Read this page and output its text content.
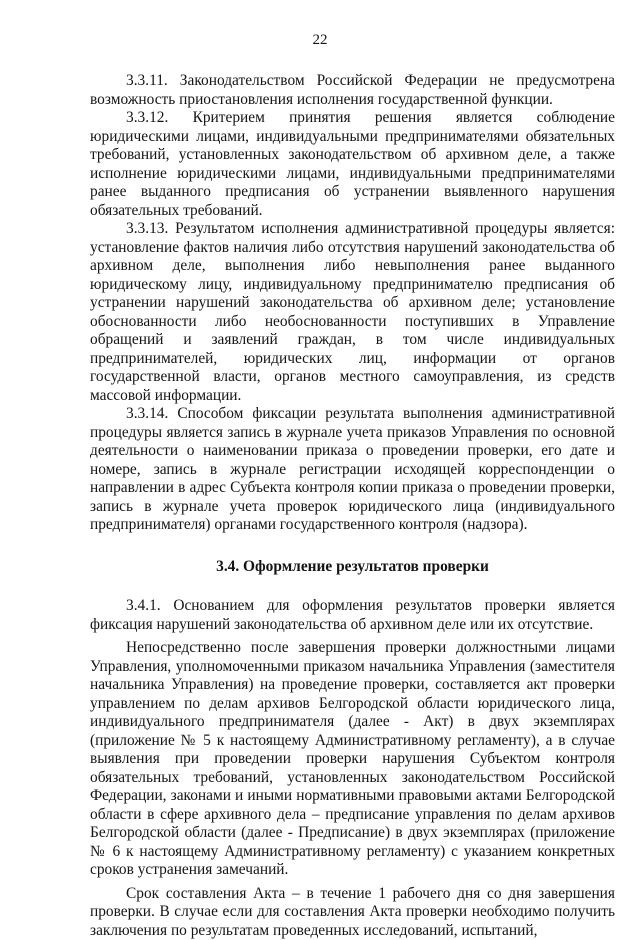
22

3.3.11. Законодательством Российской Федерации не предусмотрена возможность приостановления исполнения государственной функции.

3.3.12. Критерием принятия решения является соблюдение юридическими лицами, индивидуальными предпринимателями обязательных требований, установленных законодательством об архивном деле, а также исполнение юридическими лицами, индивидуальными предпринимателями ранее выданного предписания об устранении выявленного нарушения обязательных требований.

3.3.13. Результатом исполнения административной процедуры является: установление фактов наличия либо отсутствия нарушений законодательства об архивном деле, выполнения либо невыполнения ранее выданного юридическому лицу, индивидуальному предпринимателю предписания об устранении нарушений законодательства об архивном деле; установление обоснованности либо необоснованности поступивших в Управление обращений и заявлений граждан, в том числе индивидуальных предпринимателей, юридических лиц, информации от органов государственной власти, органов местного самоуправления, из средств массовой информации.

3.3.14. Способом фиксации результата выполнения административной процедуры является запись в журнале учета приказов Управления по основной деятельности о наименовании приказа о проведении проверки, его дате и номере, запись в журнале регистрации исходящей корреспонденции о направлении в адрес Субъекта контроля копии приказа о проведении проверки, запись в журнале учета проверок юридического лица (индивидуального предпринимателя) органами государственного контроля (надзора).

3.4. Оформление результатов проверки

3.4.1. Основанием для оформления результатов проверки является фиксация нарушений законодательства об архивном деле или их отсутствие.

Непосредственно после завершения проверки должностными лицами Управления, уполномоченными приказом начальника Управления (заместителя начальника Управления) на проведение проверки, составляется акт проверки управлением по делам архивов Белгородской области юридического лица, индивидуального предпринимателя (далее - Акт) в двух экземплярах (приложение № 5 к настоящему Административному регламенту), а в случае выявления при проведении проверки нарушения Субъектом контроля обязательных требований, установленных законодательством Российской Федерации, законами и иными нормативными правовыми актами Белгородской области в сфере архивного дела – предписание управления по делам архивов Белгородской области (далее - Предписание) в двух экземплярах (приложение № 6 к настоящему Административному регламенту) с указанием конкретных сроков устранения замечаний.

Срок составления Акта – в течение 1 рабочего дня со дня завершения проверки. В случае если для составления Акта проверки необходимо получить заключения по результатам проведенных исследований, испытаний,
